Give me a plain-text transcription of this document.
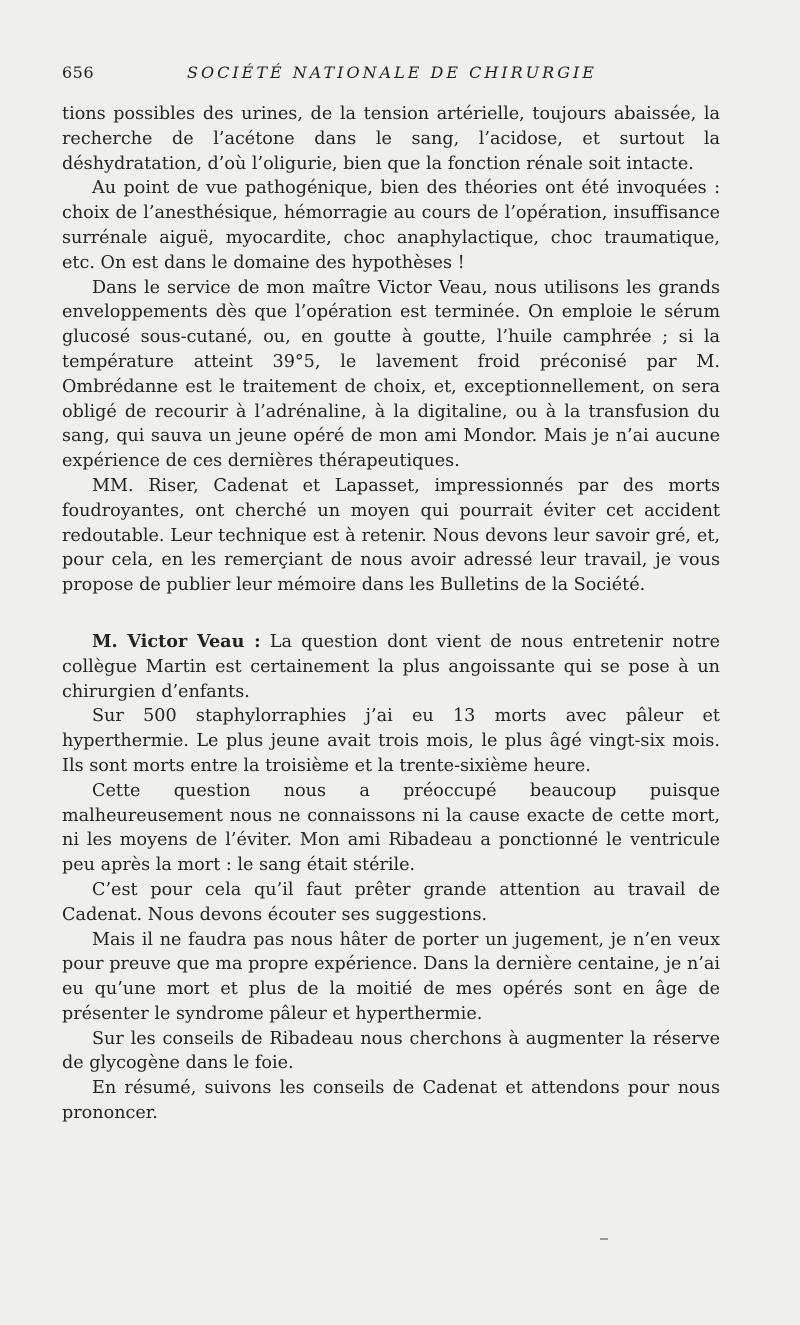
656	SOCIÉTÉ NATIONALE DE CHIRURGIE

tions possibles des urines, de la tension artérielle, toujours abaissée, la recherche de l’acétone dans le sang, l’acidose, et surtout la déshydratation, d’où l’oligurie, bien que la fonction rénale soit intacte.

Au point de vue pathogénique, bien des théories ont été invoquées : choix de l’anesthésique, hémorragie au cours de l’opération, insuffisance surrénale aiguë, myocardite, choc anaphylactique, choc traumatique, etc. On est dans le domaine des hypothèses !

Dans le service de mon maître Victor Veau, nous utilisons les grands enveloppements dès que l’opération est terminée. On emploie le sérum glucosé sous-cutané, ou, en goutte à goutte, l’huile camphrée ; si la température atteint 39°5, le lavement froid préconisé par M. Ombrédanne est le traitement de choix, et, exceptionnellement, on sera obligé de recourir à l’adrénaline, à la digitaline, ou à la transfusion du sang, qui sauva un jeune opéré de mon ami Mondor. Mais je n’ai aucune expérience de ces dernières thérapeutiques.

MM. Riser, Cadenat et Lapasset, impressionnés par des morts foudroyantes, ont cherché un moyen qui pourrait éviter cet accident redoutable. Leur technique est à retenir. Nous devons leur savoir gré, et, pour cela, en les remerçiant de nous avoir adressé leur travail, je vous propose de publier leur mémoire dans les Bulletins de la Société.

M. Victor Veau : La question dont vient de nous entretenir notre collègue Martin est certainement la plus angoissante qui se pose à un chirurgien d’enfants.

Sur 500 staphylorraphies j’ai eu 13 morts avec pâleur et hyperthermie. Le plus jeune avait trois mois, le plus âgé vingt-six mois. Ils sont morts entre la troisième et la trente-sixième heure.

Cette question nous a préoccupé beaucoup puisque malheureusement nous ne connaissons ni la cause exacte de cette mort, ni les moyens de l’éviter. Mon ami Ribadeau a ponctionné le ventricule peu après la mort : le sang était stérile.

C’est pour cela qu’il faut prêter grande attention au travail de Cadenat. Nous devons écouter ses suggestions.

Mais il ne faudra pas nous hâter de porter un jugement, je n’en veux pour preuve que ma propre expérience. Dans la dernière centaine, je n’ai eu qu’une mort et plus de la moitié de mes opérés sont en âge de présenter le syndrome pâleur et hyperthermie.

Sur les conseils de Ribadeau nous cherchons à augmenter la réserve de glycogène dans le foie.

En résumé, suivons les conseils de Cadenat et attendons pour nous prononcer.
